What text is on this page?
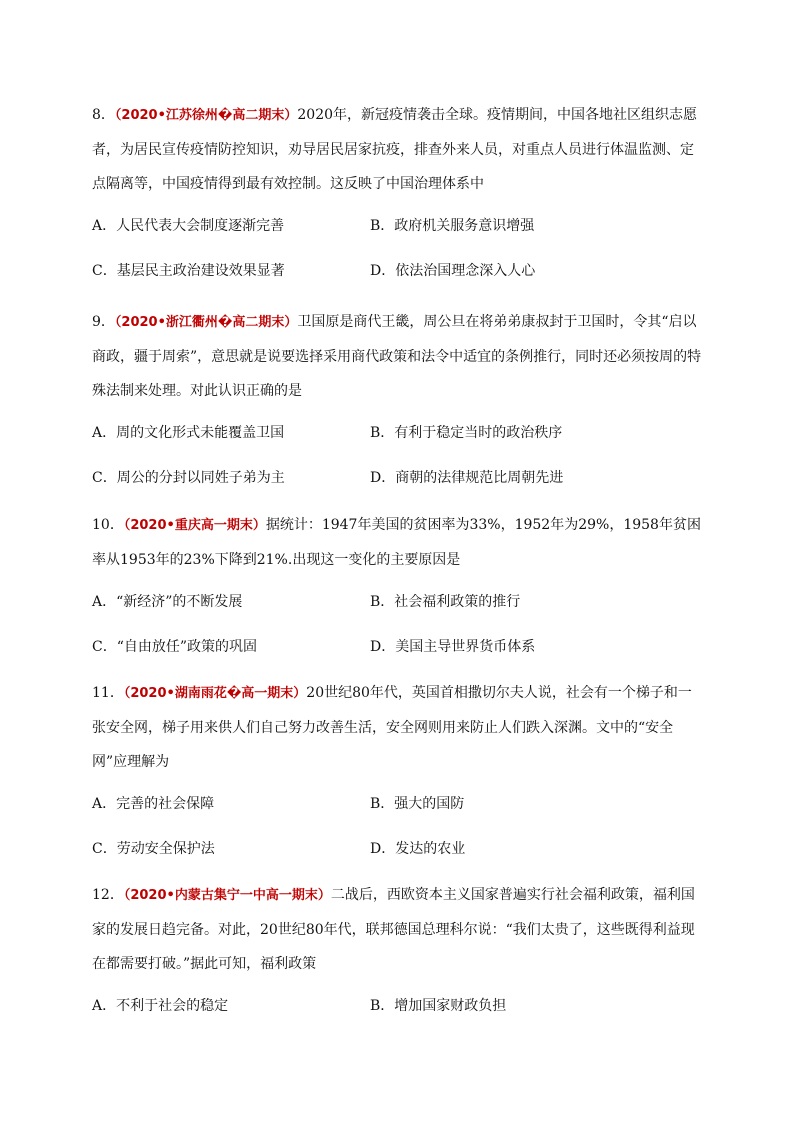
8．（2020•江苏徐州�高二期末）2020年，新冠疫情袭击全球。疫情期间，中国各地社区组织志愿者，为居民宣传疫情防控知识，劝导居民居家抗疫，排查外来人员，对重点人员进行体温监测、定点隔离等，中国疫情得到最有效控制。这反映了中国治理体系中

A．人民代表大会制度逐渐完善	B．政府机关服务意识增强
C．基层民主政治建设效果显著	D．依法治国理念深入人心

9．（2020•浙江衢州�高二期末）卫国原是商代王畿，周公旦在将弟弟康叔封于卫国时，令其“启以商政，疆于周索”，意思就是说要选择采用商代政策和法令中适宜的条例推行，同时还必须按周的特殊法制来处理。对此认识正确的是

A．周的文化形式未能覆盖卫国	B．有利于稳定当时的政治秩序
C．周公的分封以同姓子弟为主	D．商朝的法律规范比周朝先进

10．（2020•重庆高一期末）据统计：1947年美国的贫困率为33%，1952年为29%，1958年贫困率从1953年的23%下降到21%.出现这一变化的主要原因是

A．“新经济”的不断发展	B．社会福利政策的推行
C．“自由放任”政策的巩固	D．美国主导世界货币体系

11．（2020•湖南雨花�高一期末）20世纪80年代，英国首相撒切尔夫人说，社会有一个梯子和一张安全网，梯子用来供人们自己努力改善生活，安全网则用来防止人们跌入深渊。文中的“安全网”应理解为

A．完善的社会保障	B．强大的国防
C．劳动安全保护法	D．发达的农业

12．（2020•内蒙古集宁一中高一期末）二战后，西欧资本主义国家普遍实行社会福利政策，福利国家的发展日趋完备。对此，20世纪80年代，联邦德国总理科尔说：“我们太贵了，这些既得利益现在都需要打破。”据此可知，福利政策

A．不利于社会的稳定	B．增加国家财政负担
